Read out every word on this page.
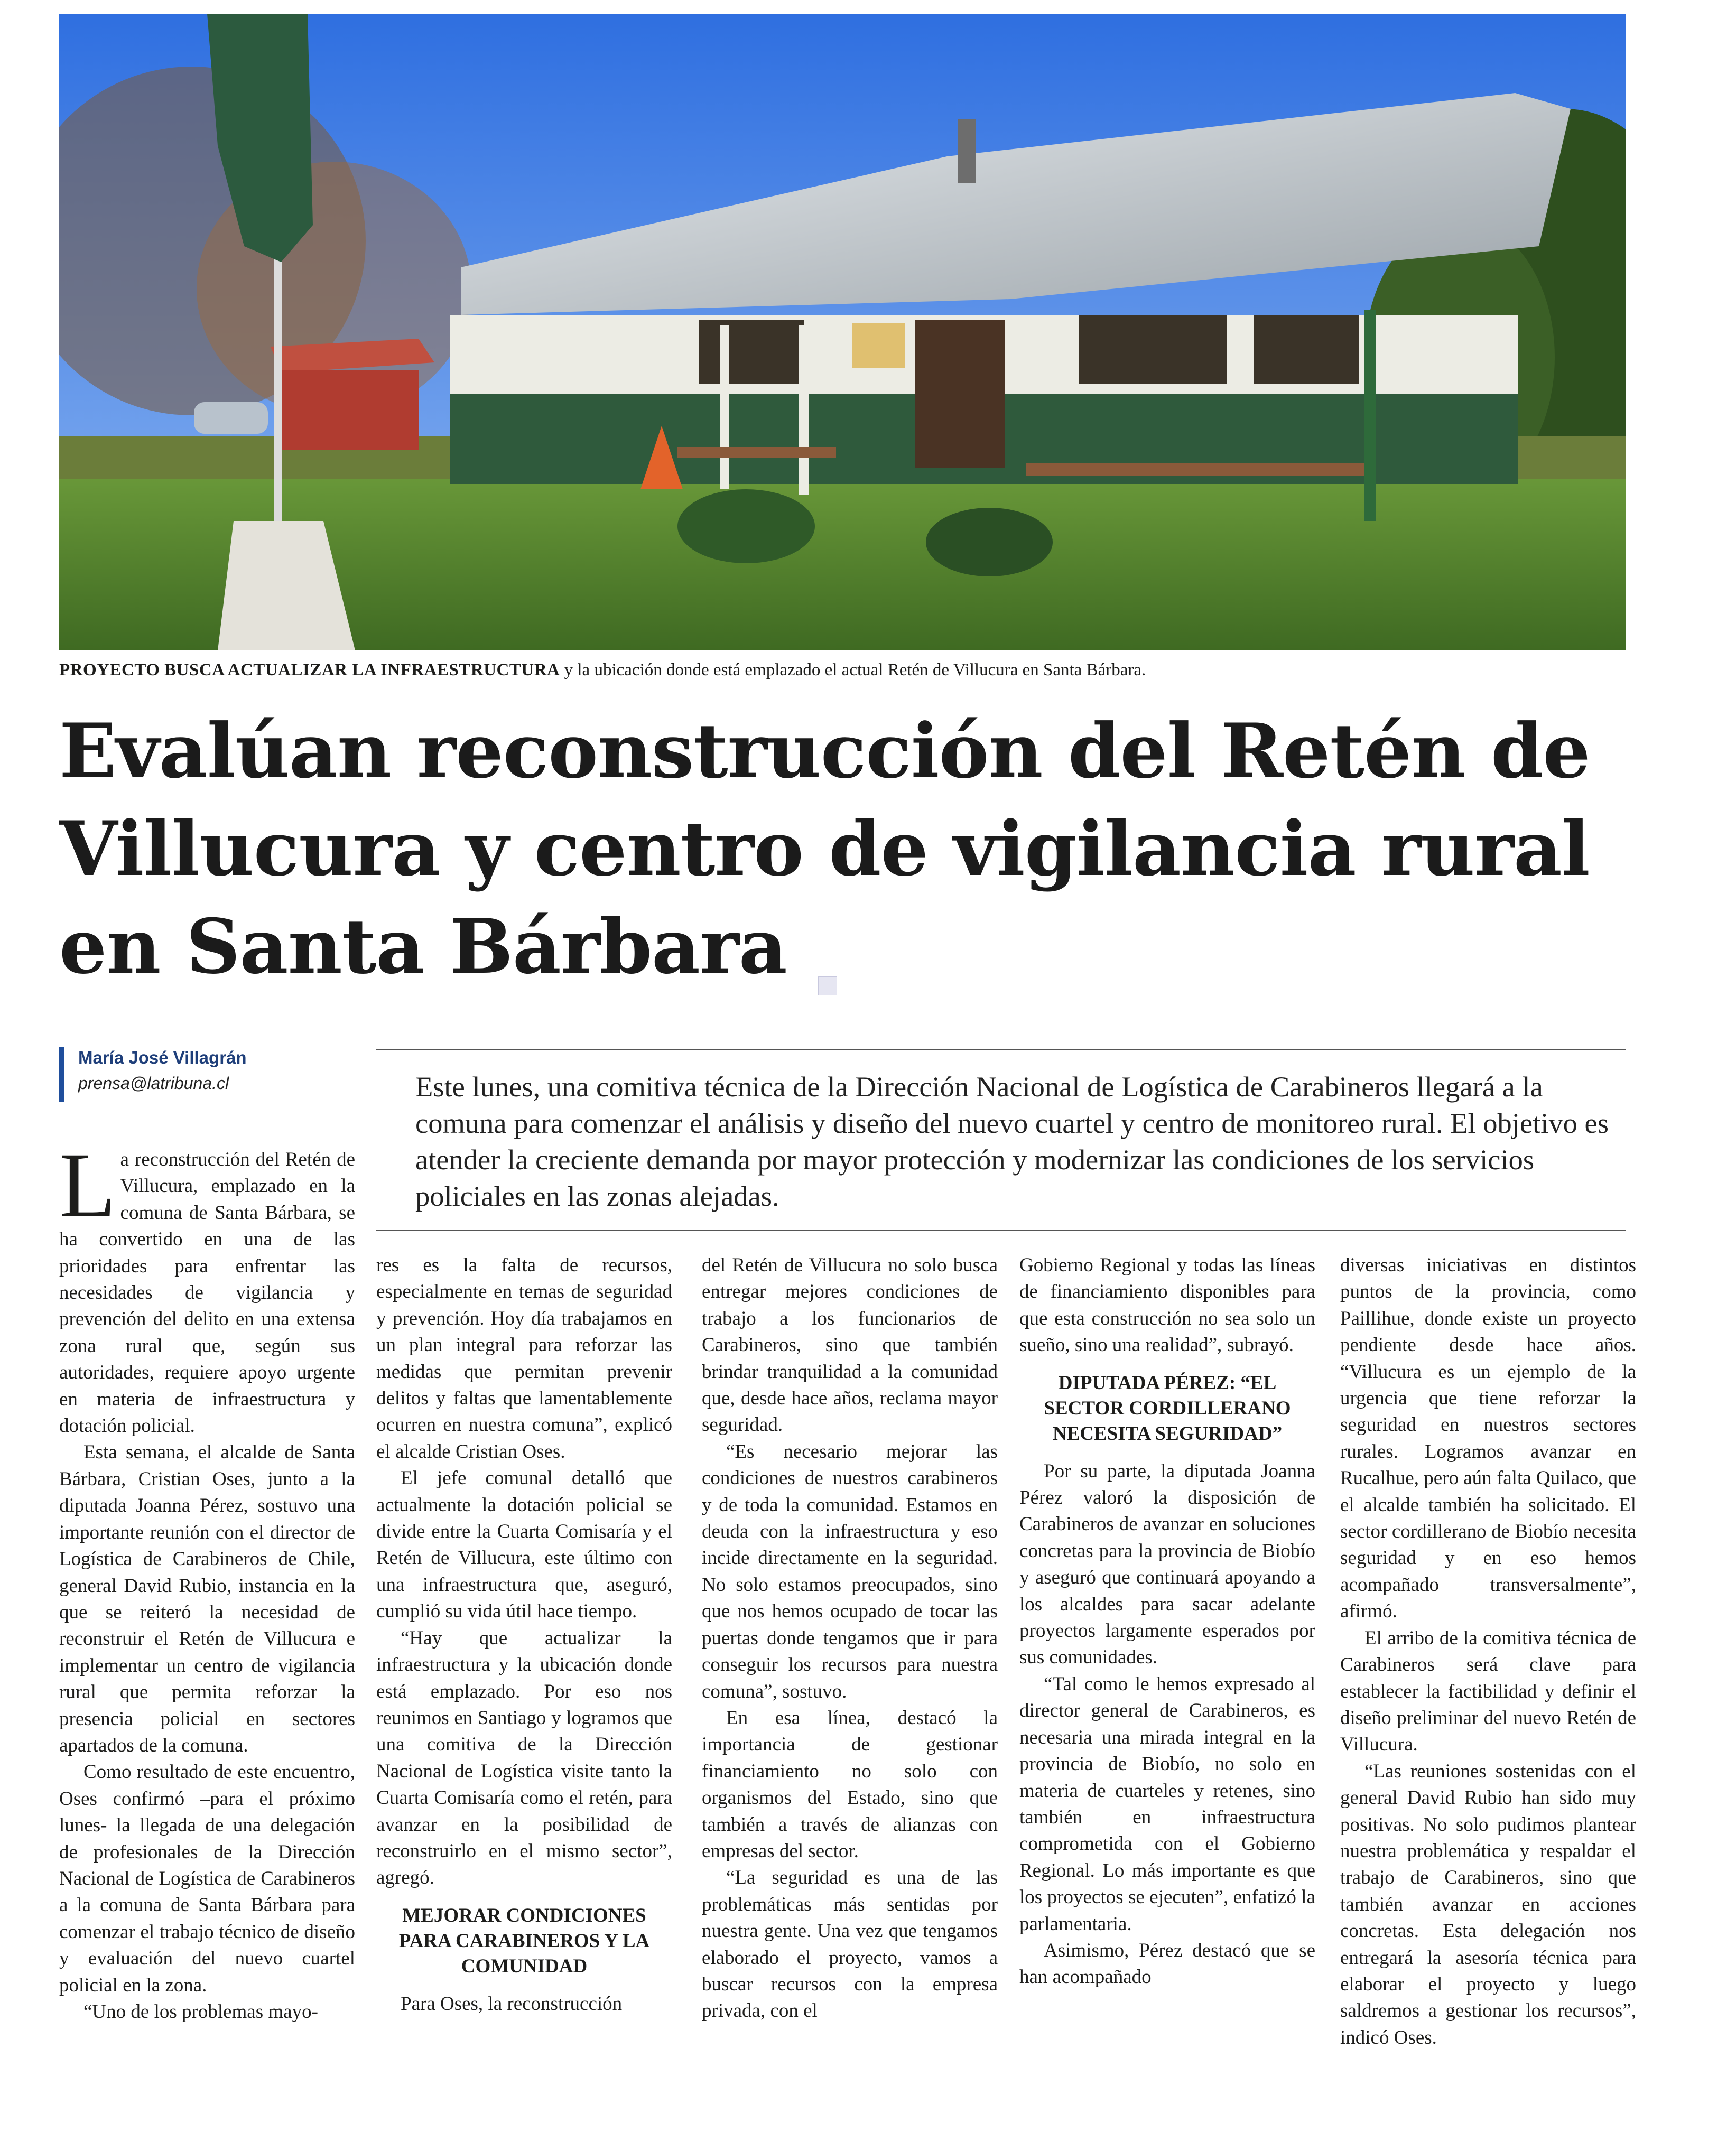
PROYECTO BUSCA ACTUALIZAR LA INFRAESTRUCTURA y la ubicación donde está emplazado el actual Retén de Villucura en Santa Bárbara.
Evalúan reconstrucción del Retén de
Villucura y centro de vigilancia rural
en Santa Bárbara
María José Villagrán
prensa@latribuna.cl	Este lunes, una comitiva técnica de la Dirección Nacional de Logística de Carabineros llegará a la comuna para comenzar el análisis y diseño del nuevo cuartel y centro de monitoreo rural. El objetivo es atender la creciente demanda por mayor protección y modernizar las condiciones de los servicios policiales en las zonas alejadas.

La reconstrucción del Retén de Villucura, emplazado en la comuna de Santa Bárbara, se ha convertido en una de las prioridades para enfrentar las necesidades de vigilancia y prevención del delito en una extensa zona rural que, según sus autoridades, requiere apoyo urgente en materia de infraestructura y dotación policial.

Esta semana, el alcalde de Santa Bárbara, Cristian Oses, junto a la diputada Joanna Pérez, sostuvo una importante reunión con el director de Logística de Carabineros de Chile, general David Rubio, instancia en la que se reiteró la necesidad de reconstruir el Retén de Villucura e implementar un centro de vigilancia rural que permita reforzar la presencia policial en sectores apartados de la comuna.

Como resultado de este encuentro, Oses confirmó –para el próximo lunes- la llegada de una delegación de profesionales de la Dirección Nacional de Logística de Carabineros a la comuna de Santa Bárbara para comenzar el trabajo técnico de diseño y evaluación del nuevo cuartel policial en la zona.

“Uno de los problemas mayo-

res es la falta de recursos, especialmente en temas de seguridad y prevención. Hoy día trabajamos en un plan integral para reforzar las medidas que permitan prevenir delitos y faltas que lamentablemente ocurren en nuestra comuna”, explicó el alcalde Cristian Oses.

El jefe comunal detalló que actualmente la dotación policial se divide entre la Cuarta Comisaría y el Retén de Villucura, este último con una infraestructura que, aseguró, cumplió su vida útil hace tiempo.

“Hay que actualizar la infraestructura y la ubicación donde está emplazado. Por eso nos reunimos en Santiago y logramos que una comitiva de la Dirección Nacional de Logística visite tanto la Cuarta Comisaría como el retén, para avanzar en la posibilidad de reconstruirlo en el mismo sector”, agregó.

MEJORAR CONDICIONES PARA CARABINEROS Y LA COMUNIDAD

Para Oses, la reconstrucción

del Retén de Villucura no solo busca entregar mejores condiciones de trabajo a los funcionarios de Carabineros, sino que también brindar tranquilidad a la comunidad que, desde hace años, reclama mayor seguridad.

“Es necesario mejorar las condiciones de nuestros carabineros y de toda la comunidad. Estamos en deuda con la infraestructura y eso incide directamente en la seguridad. No solo estamos preocupados, sino que nos hemos ocupado de tocar las puertas donde tengamos que ir para conseguir los recursos para nuestra comuna”, sostuvo.

En esa línea, destacó la importancia de gestionar financiamiento no solo con organismos del Estado, sino que también a través de alianzas con empresas del sector.

“La seguridad es una de las problemáticas más sentidas por nuestra gente. Una vez que tengamos elaborado el proyecto, vamos a buscar recursos con la empresa privada, con el

Gobierno Regional y todas las líneas de financiamiento disponibles para que esta construcción no sea solo un sueño, sino una realidad”, subrayó.

DIPUTADA PÉREZ: “EL SECTOR CORDILLERANO NECESITA SEGURIDAD”

Por su parte, la diputada Joanna Pérez valoró la disposición de Carabineros de avanzar en soluciones concretas para la provincia de Biobío y aseguró que continuará apoyando a los alcaldes para sacar adelante proyectos largamente esperados por sus comunidades.

“Tal como le hemos expresado al director general de Carabineros, es necesaria una mirada integral en la provincia de Biobío, no solo en materia de cuarteles y retenes, sino también en infraestructura comprometida con el Gobierno Regional. Lo más importante es que los proyectos se ejecuten”, enfatizó la parlamentaria.

Asimismo, Pérez destacó que se han acompañado

diversas iniciativas en distintos puntos de la provincia, como Paillihue, donde existe un proyecto pendiente desde hace años. “Villucura es un ejemplo de la urgencia que tiene reforzar la seguridad en nuestros sectores rurales. Logramos avanzar en Rucalhue, pero aún falta Quilaco, que el alcalde también ha solicitado. El sector cordillerano de Biobío necesita seguridad y en eso hemos acompañado transversalmente”, afirmó.

El arribo de la comitiva técnica de Carabineros será clave para establecer la factibilidad y definir el diseño preliminar del nuevo Retén de Villucura.

“Las reuniones sostenidas con el general David Rubio han sido muy positivas. No solo pudimos plantear nuestra problemática y respaldar el trabajo de Carabineros, sino que también avanzar en acciones concretas. Esta delegación nos entregará la asesoría técnica para elaborar el proyecto y luego saldremos a gestionar los recursos”, indicó Oses.
